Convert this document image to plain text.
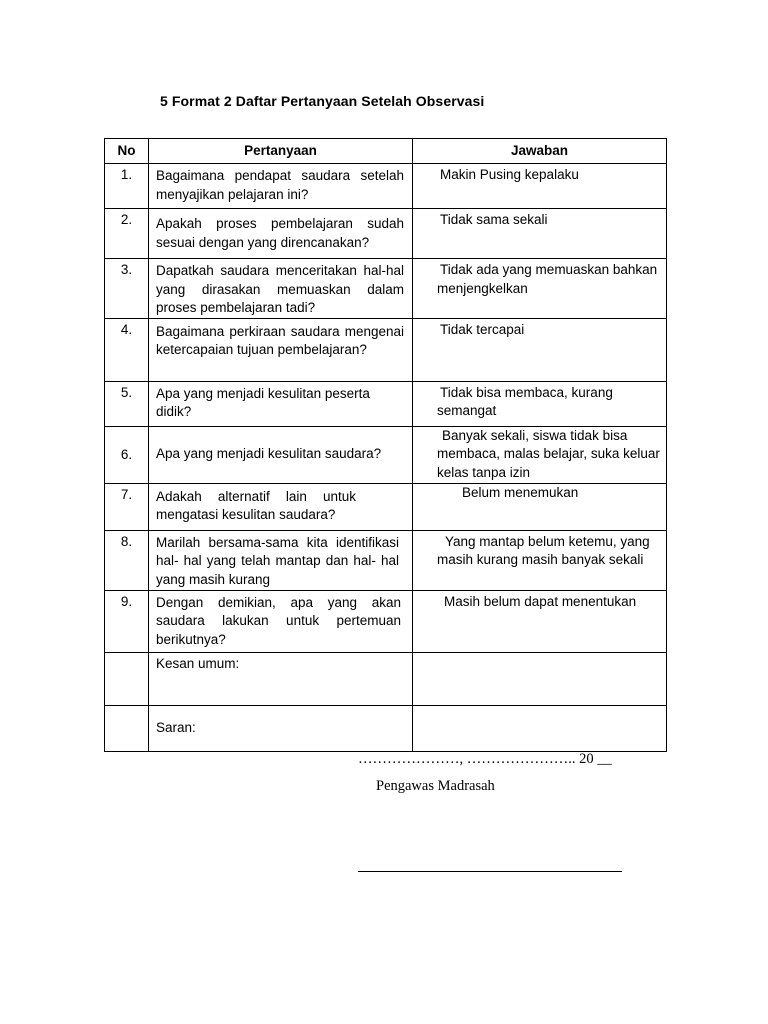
5 Format 2 Daftar Pertanyaan Setelah Observasi
No	Pertanyaan	Jawaban

1.	Bagaimana pendapat saudara setelah menyajikan pelajaran ini?	Makin Pusing kepalaku

2.	Apakah proses pembelajaran sudah sesuai dengan yang direncanakan?	Tidak sama sekali

3.	Dapatkah saudara menceritakan hal-hal yang dirasakan memuaskan dalam proses pembelajaran tadi?	Tidak ada yang memuaskan bahkan menjengkelkan

4.	Bagaimana perkiraan saudara mengenai ketercapaian tujuan pembelajaran?	Tidak tercapai

5.	Apa yang menjadi kesulitan peserta didik?	Tidak bisa membaca, kurang semangat

6.	Apa yang menjadi kesulitan saudara?	Banyak sekali, siswa tidak bisa membaca, malas belajar, suka keluar kelas tanpa izin

7.	Adakah alternatif lain untuk mengatasi kesulitan saudara?	Belum menemukan

8.	Marilah bersama-sama kita identifikasi hal- hal yang telah mantap dan hal- hal yang masih kurang	Yang mantap belum ketemu, yang masih kurang masih banyak sekali

9.	Dengan demikian, apa yang akan saudara lakukan untuk pertemuan berikutnya?	Masih belum dapat menentukan

	Kesan umum:	

	Saran:	

…………………, ………………….. 20 __
Pengawas Madrasah
